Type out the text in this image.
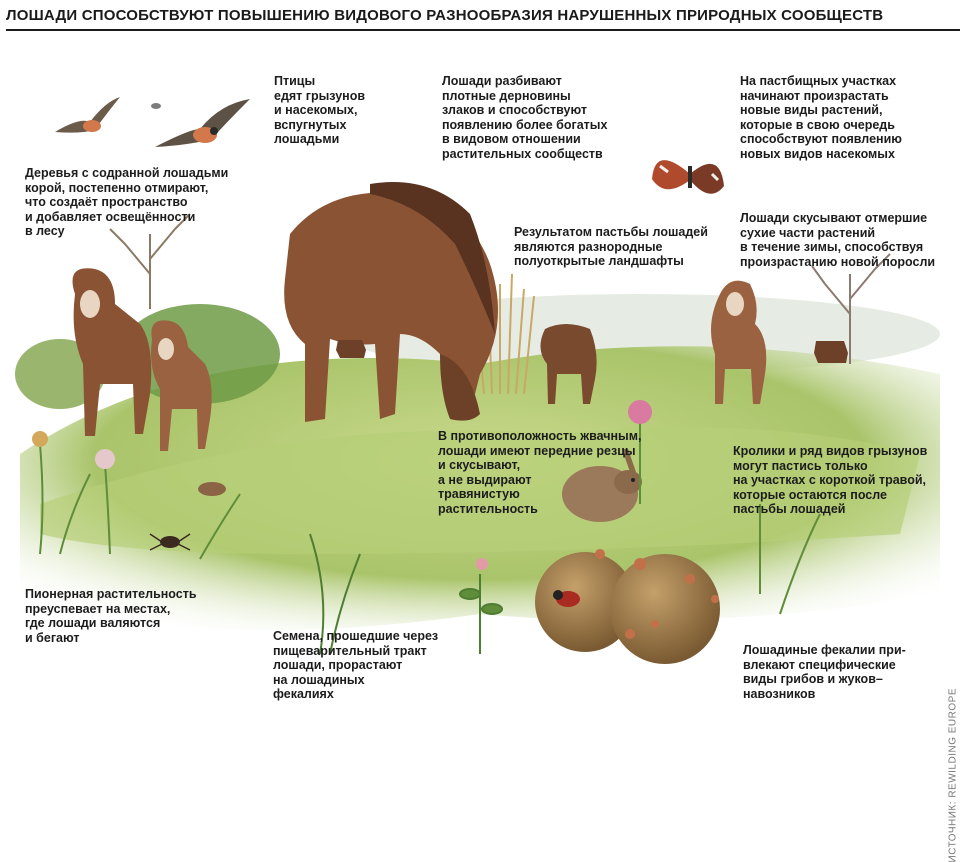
ЛОШАДИ СПОСОБСТВУЮТ ПОВЫШЕНИЮ ВИДОВОГО РАЗНООБРАЗИЯ НАРУШЕННЫХ ПРИРОДНЫХ СООБЩЕСТВ
Птицы
едят грызунов
и насекомых,
вспугнутых
лошадьми
Лошади разбивают
плотные дерновины
злаков и способствуют
появлению более богатых
в видовом отношении
растительных сообществ
На пастбищных участках
начинают произрастать
новые виды растений,
которые в свою очередь
способствуют появлению
новых видов насекомых
Деревья с содранной лошадьми
корой, постепенно отмирают,
что создаёт пространство
и добавляет освещённости
в лесу	Результатом пастьбы лошадей
являются разнородные
полуоткрытые ландшафты
Лошади скусывают отмершие
сухие части растений
в течение зимы, способствуя
произрастанию новой поросли
В противоположность жвачным,
лошади имеют передние резцы
и скусывают,
а не выдирают
травянистую
растительность
Кролики и ряд видов грызунов
могут пастись только
на участках с короткой травой,
которые остаются после
пастьбы лошадей
Пионерная растительность
преуспевает на местах,
где лошади валяются
и бегают	Семена, прошедшие через
пищеварительный тракт
лошади, прорастают
на лошадиных
фекалиях
Лошадиные фекалии при-
влекают специфические
виды грибов и жуков–
навозников	ИСТОЧНИК: REWILDING EUROPE
